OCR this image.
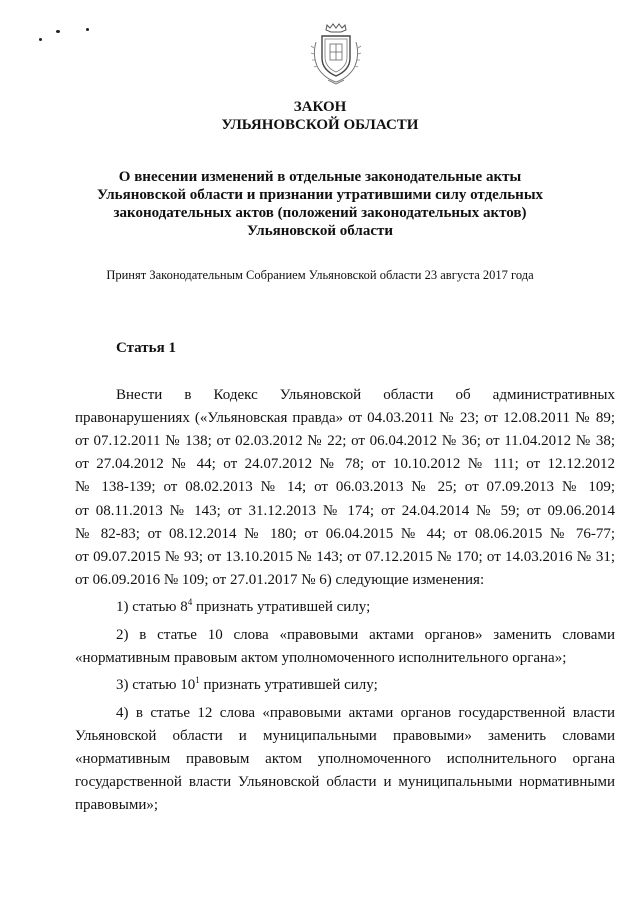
ЗАКОН
УЛЬЯНОВСКОЙ ОБЛАСТИ
О внесении изменений в отдельные законодательные акты
Ульяновской области и признании утратившими силу отдельных
законодательных актов (положений законодательных актов)
Ульяновской области
Принят Законодательным Собранием Ульяновской области 23 августа 2017 года
Статья 1
Внести в Кодекс Ульяновской области об административных
правонарушениях («Ульяновская правда» от 04.03.2011 № 23; от 12.08.2011 № 89;
от 07.12.2011 № 138; от 02.03.2012 № 22; от 06.04.2012 № 36; от 11.04.2012 № 38;
от 27.04.2012 № 44; от 24.07.2012 № 78; от 10.10.2012 № 111; от 12.12.2012
№ 138-139; от 08.02.2013 № 14; от 06.03.2013 № 25; от 07.09.2013 № 109;
от 08.11.2013 № 143; от 31.12.2013 № 174; от 24.04.2014 № 59; от 09.06.2014
№ 82-83; от 08.12.2014 № 180; от 06.04.2015 № 44; от 08.06.2015 № 76-77;
от 09.07.2015 № 93; от 13.10.2015 № 143; от 07.12.2015 № 170; от 14.03.2016 № 31;
от 06.09.2016 № 109; от 27.01.2017 № 6) следующие изменения:
1) статью $8^4$ признать утратившей силу;
2) в статье 10 слова «правовыми актами органов» заменить словами
«нормативным правовым актом уполномоченного исполнительного органа»;
3) статью $10^1$ признать утратившей силу;
4) в статье 12 слова «правовыми актами органов государственной власти
Ульяновской области и муниципальными правовыми» заменить словами
«нормативным правовым актом уполномоченного исполнительного органа
государственной власти Ульяновской области и муниципальными нормативными
правовыми»;
